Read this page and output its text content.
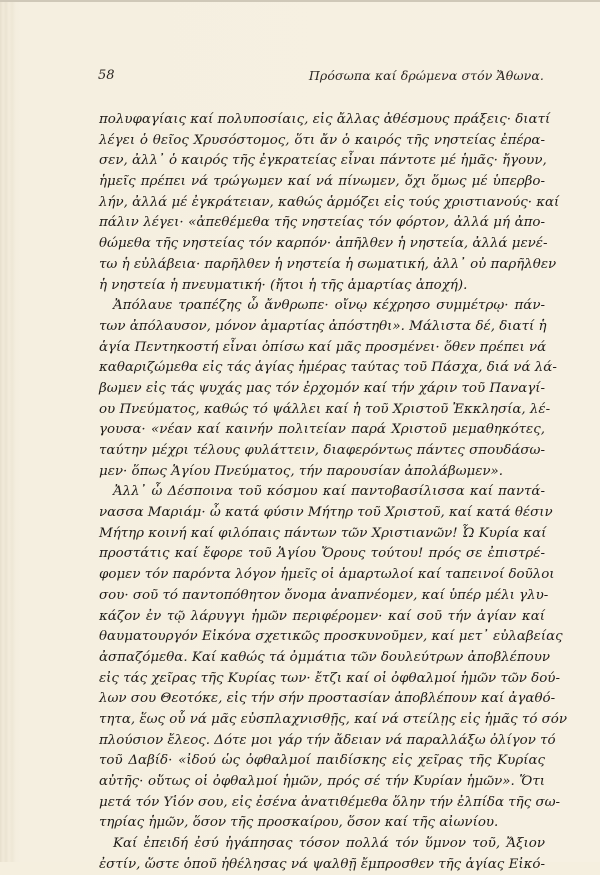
58	Πρόσωπα καί δρώμενα στόν Ἄθωνα.
πολυφαγίαις καί πολυποσίαις, εἰς ἄλλας ἀθέσμους πράξεις· διατί
λέγει ὁ θεῖος Χρυσόστομος, ὅτι ἄν ὁ καιρός τῆς νηστείας ἐπέρα-
σεν, ἀλλ᾽ ὁ καιρός τῆς ἐγκρατείας εἶναι πάντοτε μέ ἡμᾶς· ἤγουν,
ἡμεῖς πρέπει νά τρώγωμεν καί νά πίνωμεν, ὄχι ὅμως μέ ὑπερβο-
λήν, ἀλλά μέ ἐγκράτειαν, καθώς ἁρμόζει εἰς τούς χριστιανούς· καί
πάλιν λέγει· «ἀπεθέμεθα τῆς νηστείας τόν φόρτον, ἀλλά μή ἀπο-
θώμεθα τῆς νηστείας τόν καρπόν· ἀπῆλθεν ἡ νηστεία, ἀλλά μενέ-
τω ἡ εὐλάβεια· παρῆλθεν ἡ νηστεία ἡ σωματική, ἀλλ᾽ οὐ παρῆλθεν
ἡ νηστεία ἡ πνευματική· (ἤτοι ἡ τῆς ἁμαρτίας ἀποχή).
Ἀπόλαυε τραπέζης ὦ ἄνθρωπε· οἴνῳ κέχρησο συμμέτρῳ· πάν-
των ἀπόλαυσον, μόνον ἁμαρτίας ἀπόστηθι». Μάλιστα δέ, διατί ἡ
ἁγία Πεντηκοστή εἶναι ὀπίσω καί μᾶς προσμένει· ὅθεν πρέπει νά
καθαριζώμεθα εἰς τάς ἁγίας ἡμέρας ταύτας τοῦ Πάσχα, διά νά λά-
βωμεν εἰς τάς ψυχάς μας τόν ἐρχομόν καί τήν χάριν τοῦ Παναγί-
ου Πνεύματος, καθώς τό ψάλλει καί ἡ τοῦ Χριστοῦ Ἐκκλησία, λέ-
γουσα· «νέαν καί καινήν πολιτείαν παρά Χριστοῦ μεμαθηκότες,
ταύτην μέχρι τέλους φυλάττειν, διαφερόντως πάντες σπουδάσω-
μεν· ὅπως Ἁγίου Πνεύματος, τήν παρουσίαν ἀπολάβωμεν».
Ἀλλ᾽ ὦ Δέσποινα τοῦ κόσμου καί παντοβασίλισσα καί παντά-
νασσα Μαριάμ· ὦ κατά φύσιν Μήτηρ τοῦ Χριστοῦ, καί κατά θέσιν
Μήτηρ κοινή καί φιλόπαις πάντων τῶν Χριστιανῶν! Ὦ Κυρία καί
προστάτις καί ἔφορε τοῦ Ἁγίου Ὄρους τούτου! πρός σε ἐπιστρέ-
φομεν τόν παρόντα λόγον ἡμεῖς οἱ ἁμαρτωλοί καί ταπεινοί δοῦλοι
σου· σοῦ τό παντοπόθητον ὄνομα ἀναπνέομεν, καί ὑπέρ μέλι γλυ-
κάζον ἐν τῷ λάρυγγι ἡμῶν περιφέρομεν· καί σοῦ τήν ἁγίαν καί
θαυματουργόν Εἰκόνα σχετικῶς προσκυνοῦμεν, καί μετ᾽ εὐλαβείας
ἀσπαζόμεθα. Καί καθώς τά ὀμμάτια τῶν δουλεύτρων ἀποβλέπουν
εἰς τάς χεῖρας τῆς Κυρίας των· ἔτζι καί οἱ ὀφθαλμοί ἡμῶν τῶν δού-
λων σου Θεοτόκε, εἰς τήν σήν προστασίαν ἀποβλέπουν καί ἀγαθό-
τητα, ἕως οὗ νά μᾶς εὐσπλαχνισθῇς, καί νά στείλῃς εἰς ἡμᾶς τό σόν
πλούσιον ἔλεος. Δότε μοι γάρ τήν ἄδειαν νά παραλλάξω ὀλίγον τό
τοῦ Δαβίδ· «ἰδού ὡς ὀφθαλμοί παιδίσκης εἰς χεῖρας τῆς Κυρίας
αὐτῆς· οὕτως οἱ ὀφθαλμοί ἡμῶν, πρός σέ τήν Κυρίαν ἡμῶν». Ὅτι
μετά τόν Υἱόν σου, εἰς ἐσένα ἀνατιθέμεθα ὅλην τήν ἐλπίδα τῆς σω-
τηρίας ἡμῶν, ὅσον τῆς προσκαίρου, ὅσον καί τῆς αἰωνίου.
Καί ἐπειδή ἐσύ ἠγάπησας τόσον πολλά τόν ὕμνον τοῦ, Ἄξιον
ἐστίν, ὥστε ὁποῦ ἠθέλησας νά ψαλθῇ ἔμπροσθεν τῆς ἁγίας Εἰκό-
